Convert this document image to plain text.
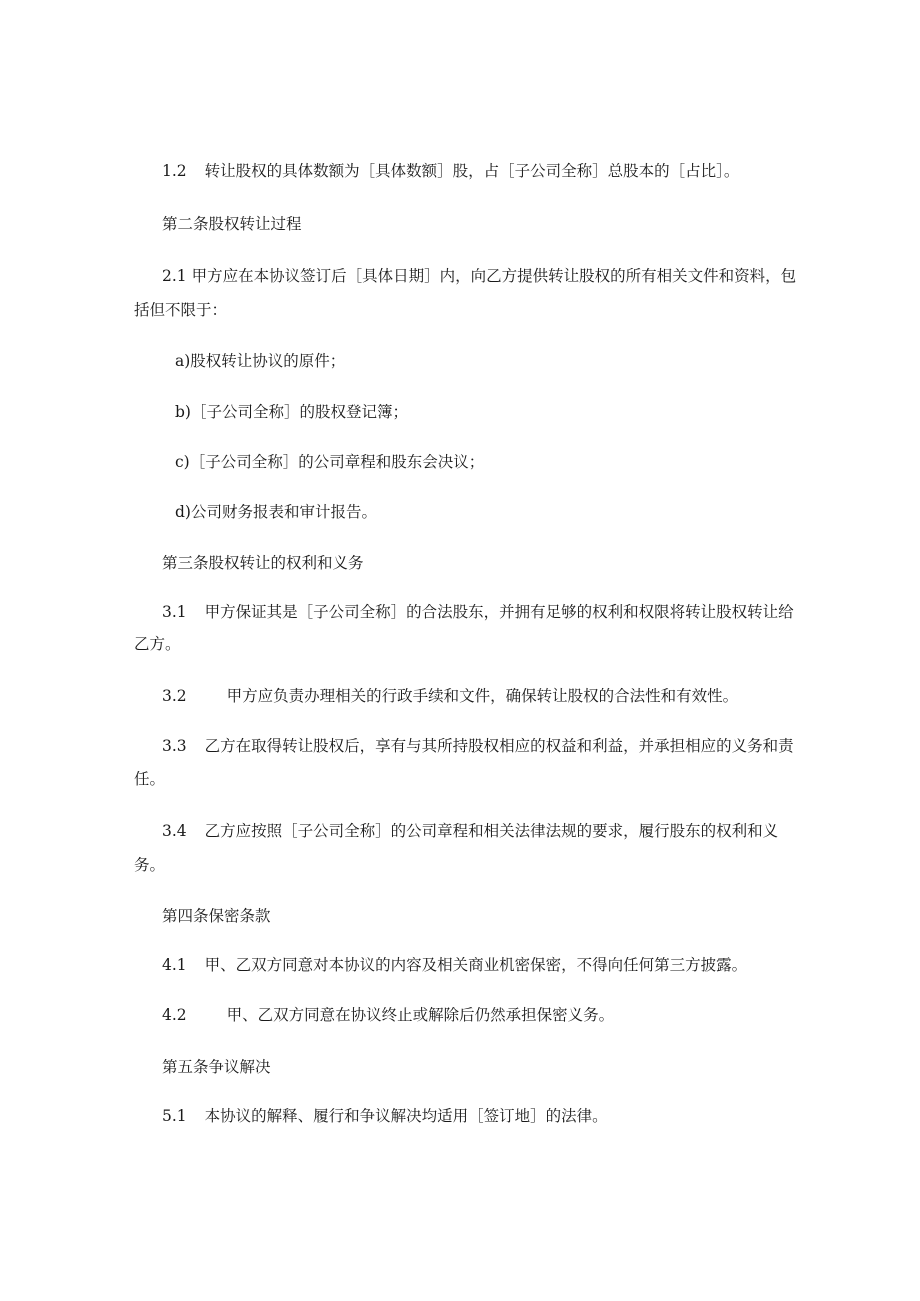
1.2 转让股权的具体数额为［具体数额］股，占［子公司全称］总股本的［占比］。

第二条股权转让过程

2.1 甲方应在本协议签订后［具体日期］内，向乙方提供转让股权的所有相关文件和资料，包

括但不限于：

a)股权转让协议的原件；

b)［子公司全称］的股权登记簿；

c)［子公司全称］的公司章程和股东会决议；

d)公司财务报表和审计报告。

第三条股权转让的权利和义务

3.1 甲方保证其是［子公司全称］的合法股东，并拥有足够的权利和权限将转让股权转让给

乙方。

3.2	甲方应负责办理相关的行政手续和文件，确保转让股权的合法性和有效性。

3.3 乙方在取得转让股权后，享有与其所持股权相应的权益和利益，并承担相应的义务和责

任。

3.4 乙方应按照［子公司全称］的公司章程和相关法律法规的要求，履行股东的权利和义

务。

第四条保密条款

4.1 甲、乙双方同意对本协议的内容及相关商业机密保密，不得向任何第三方披露。

4.2	甲、乙双方同意在协议终止或解除后仍然承担保密义务。

第五条争议解决

5.1 本协议的解释、履行和争议解决均适用［签订地］的法律。
